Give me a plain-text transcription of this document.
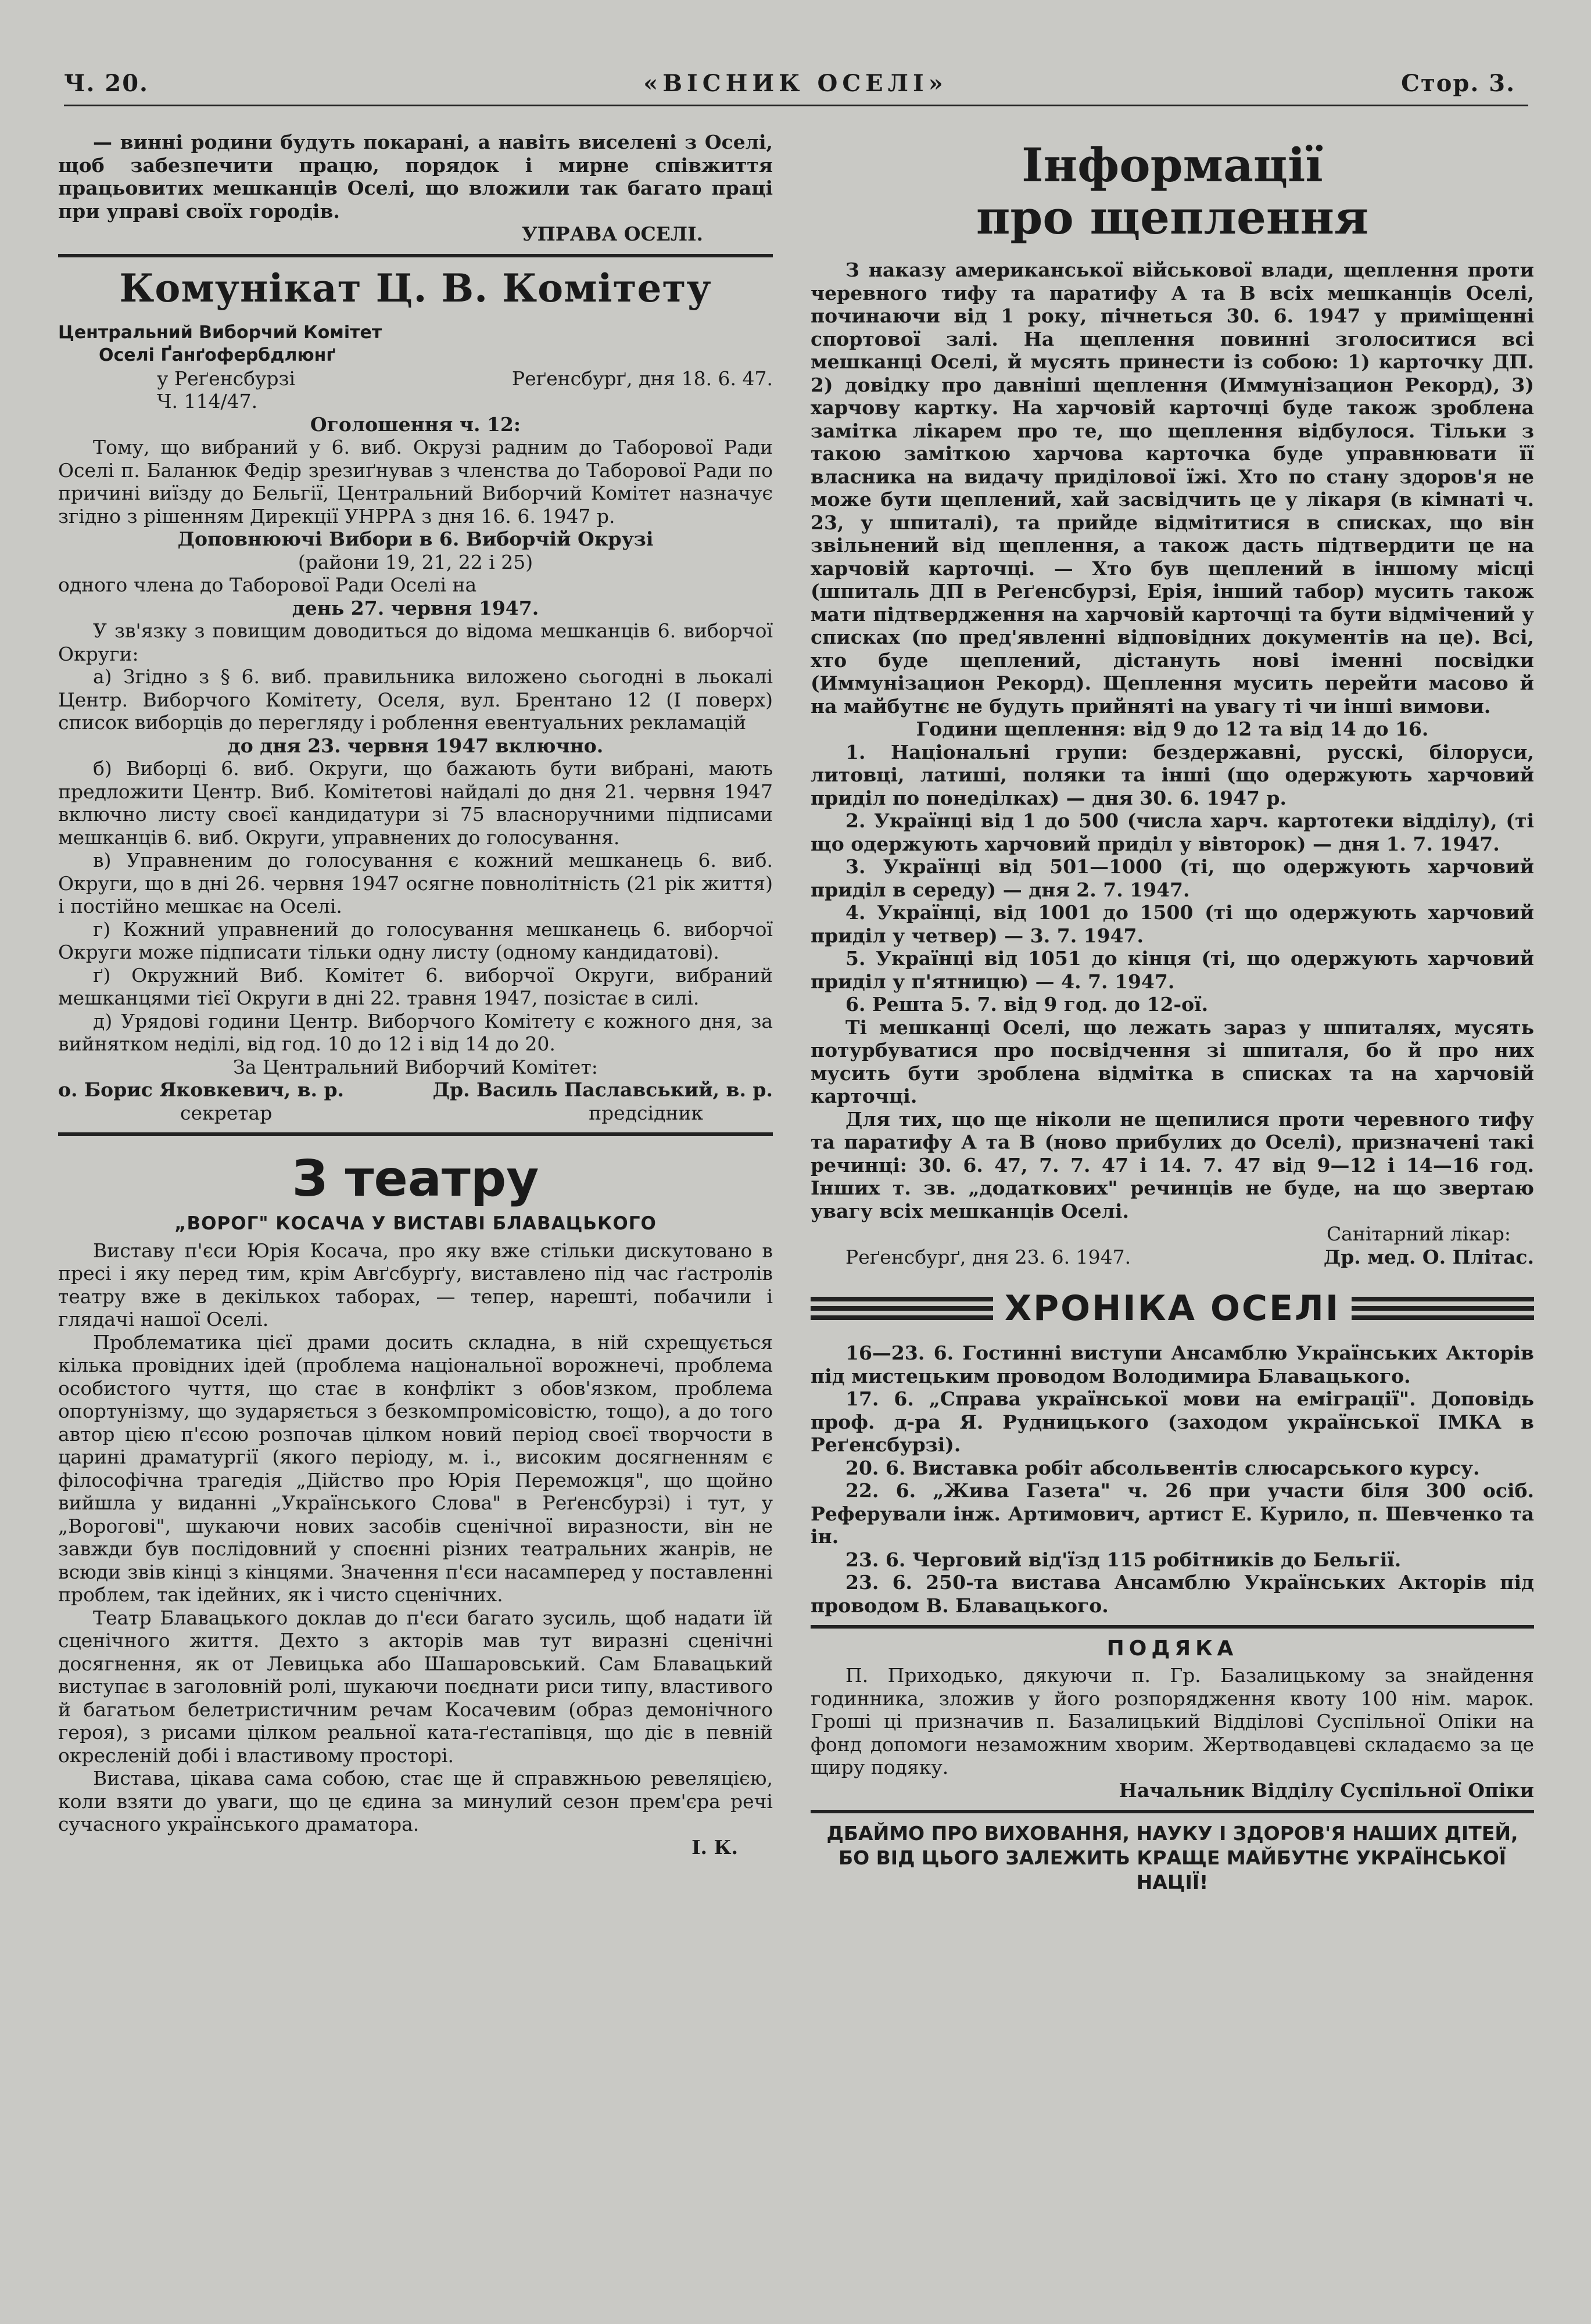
Ч. 20.	«ВІСНИК ОСЕЛІ»	Стор. 3.

— винні родини будуть покарані, а навіть виселені з Оселі, щоб забезпечити працю, порядок і мирне співжиття працьовитих мешканців Оселі, що вложили так багато праці при управі своїх городів.

УПРАВА ОСЕЛІ.

Комунікат Ц. В. Комітету

Центральний Виборчий Комітет

Оселі Ґанґофербдлюнґ

у Реґенсбурзі	Реґенсбурґ, дня 18. 6. 47.

Ч. 114/47.

Оголошення ч. 12:

Тому, що вибраний у 6. виб. Окрузі радним до Таборової Ради Оселі п. Баланюк Федір зрезиґнував з членства до Таборової Ради по причині виїзду до Бельгії, Центральний Виборчий Комітет назначує згідно з рішенням Дирекції УНРРА з дня 16. 6. 1947 р.

Доповнюючі Вибори в 6. Виборчій Окрузі

(райони 19, 21, 22 і 25)

одного члена до Таборової Ради Оселі на

день 27. червня 1947.

У зв'язку з повищим доводиться до відома мешканців 6. виборчої Округи:

а) Згідно з § 6. виб. правильника виложено сьогодні в льокалі Центр. Виборчого Комітету, Оселя, вул. Брентано 12 (I поверх) список виборців до перегляду і роблення евентуальних рекламацій

до дня 23. червня 1947 включно.

б) Виборці 6. виб. Округи, що бажають бути вибрані, мають предложити Центр. Виб. Комітетові найдалі до дня 21. червня 1947 включно листу своєї кандидатури зі 75 власноручними підписами мешканців 6. виб. Округи, управнених до голосування.

в) Управненим до голосування є кожний мешканець 6. виб. Округи, що в дні 26. червня 1947 осягне повнолітність (21 рік життя) і постійно мешкає на Оселі.

г) Кожний управнений до голосування мешканець 6. виборчої Округи може підписати тільки одну листу (одному кандидатові).

ґ) Окружний Виб. Комітет 6. виборчої Округи, вибраний мешканцями тієї Округи в дні 22. травня 1947, позістає в силі.

д) Урядові години Центр. Виборчого Комітету є кожного дня, за вийнятком неділі, від год. 10 до 12 і від 14 до 20.

За Центральний Виборчий Комітет:

о. Борис Яковкевич, в. р.	Др. Василь Паславський, в. р.
секретар	предсідник
З театру

„ВОРОГ" КОСАЧА У ВИСТАВІ БЛАВАЦЬКОГО

Виставу п'єси Юрія Косача, про яку вже стільки дискутовано в пресі і яку перед тим, крім Авґсбурґу, виставлено під час ґастролів театру вже в декількох таборах, — тепер, нарешті, побачили і глядачі нашої Оселі.

Проблематика цієї драми досить складна, в ній схрещується кілька провідних ідей (проблема національної ворожнечі, проблема особистого чуття, що стає в конфлікт з обов'язком, проблема опортунізму, що зударяється з безкомпромісовістю, тощо), а до того автор цією п'єсою розпочав цілком новий період своєї творчости в царині драматургії (якого періоду, м. і., високим досягненням є філософічна трагедія „Дійство про Юрія Переможця", що щойно вийшла у виданні „Українського Слова" в Реґенсбурзі) і тут, у „Ворогові", шукаючи нових засобів сценічної виразности, він не завжди був послідовний у споєнні різних театральних жанрів, не всюди звів кінці з кінцями. Значення п'єси насамперед у поставленні проблем, так ідейних, як і чисто сценічних.

Театр Блавацького доклав до п'єси багато зусиль, щоб надати їй сценічного життя. Дехто з акторів мав тут виразні сценічні досягнення, як от Левицька або Шашаровський. Сам Блавацький виступає в заголовній ролі, шукаючи поєднати риси типу, властивого й багатьом белетристичним речам Косачевим (образ демонічного героя), з рисами цілком реальної ката-ґестапівця, що діє в певній окресленій добі і властивому просторі.

Вистава, цікава сама собою, стає ще й справжньою ревеляцією, коли взяти до уваги, що це єдина за минулий сезон прем'єра речі сучасного українського драматора.

І. К.

Інформації
про щеплення

З наказу американської військової влади, щеплення проти черевного тифу та паратифу А та В всіх мешканців Оселі, починаючи від 1 року, пічнеться 30. 6. 1947 у приміщенні спортової залі. На щеплення повинні зголоситися всі мешканці Оселі, й мусять принести із собою: 1) карточку ДП. 2) довідку про давніші щеплення (Иммунізацион Рекорд), 3) харчову картку. На харчовій карточці буде також зроблена замітка лікарем про те, що щеплення відбулося. Тільки з такою заміткою харчова карточка буде управнювати її власника на видачу приділової їжі. Хто по стану здоров'я не може бути щеплений, хай засвідчить це у лікаря (в кімнаті ч. 23, у шпиталі), та прийде відмітитися в списках, що він звільнений від щеплення, а також дасть підтвердити це на харчовій карточці. — Хто був щеплений в іншому місці (шпиталь ДП в Реґенсбурзі, Ерія, інший табор) мусить також мати підтвердження на харчовій карточці та бути відмічений у списках (по пред'явленні відповідних документів на це). Всі, хто буде щеплений, дістануть нові іменні посвідки (Иммунізацион Рекорд). Щеплення мусить перейти масово й на майбутнє не будуть прийняті на увагу ті чи інші вимови.

Години щеплення: від 9 до 12 та від 14 до 16.

1. Національні групи: бездержавні, русскі, білоруси, литовці, латиші, поляки та інші (що одержують харчовий приділ по понеділках) — дня 30. 6. 1947 р.

2. Українці від 1 до 500 (числа харч. картотеки відділу), (ті що одержують харчовий приділ у вівторок) — дня 1. 7. 1947.

3. Українці від 501—1000 (ті, що одержують харчовий приділ в середу) — дня 2. 7. 1947.

4. Українці, від 1001 до 1500 (ті що одержують харчовий приділ у четвер) — 3. 7. 1947.

5. Українці від 1051 до кінця (ті, що одержують харчовий приділ у п'ятницю) — 4. 7. 1947.

6. Решта 5. 7. від 9 год. до 12-ої.

Ті мешканці Оселі, що лежать зараз у шпиталях, мусять потурбуватися про посвідчення зі шпиталя, бо й про них мусить бути зроблена відмітка в списках та на харчовій карточці.

Для тих, що ще ніколи не щепилися проти черевного тифу та паратифу А та В (ново прибулих до Оселі), призначені такі речинці: 30. 6. 47, 7. 7. 47 і 14. 7. 47 від 9—12 і 14—16 год. Інших т. зв. „додаткових" речинців не буде, на що звертаю увагу всіх мешканців Оселі.

Санітарний лікар:

Реґенсбурґ, дня 23. 6. 1947.	Др. мед. О. Плітас.
ХРОНІКА ОСЕЛІ

16—23. 6. Гостинні виступи Ансамблю Українських Акторів під мистецьким проводом Володимира Блавацького.

17. 6. „Справа української мови на еміграції". Доповідь проф. д-ра Я. Рудницького (заходом української ІМКА в Реґенсбурзі).

20. 6. Виставка робіт абсольвентів слюсарського курсу.

22. 6. „Жива Газета" ч. 26 при участи біля 300 осіб. Реферували інж. Артимович, артист Е. Курило, п. Шевченко та ін.

23. 6. Черговий від'їзд 115 робітників до Бельгії.

23. 6. 250-та вистава Ансамблю Українських Акторів під проводом В. Блавацького.

ПОДЯКА

П. Приходько, дякуючи п. Гр. Базалицькому за знайдення годинника, зложив у його розпорядження квоту 100 нім. марок. Гроші ці призначив п. Базалицький Відділові Суспільної Опіки на фонд допомоги незаможним хворим. Жертводавцеві складаємо за це щиру подяку.

Начальник Відділу Суспільної Опіки

ДБАЙМО ПРО ВИХОВАННЯ, НАУКУ І ЗДОРОВ'Я НАШИХ ДІТЕЙ, БО ВІД ЦЬОГО ЗАЛЕЖИТЬ КРАЩЕ МАЙБУТНЄ УКРАЇНСЬКОЇ НАЦІЇ!
